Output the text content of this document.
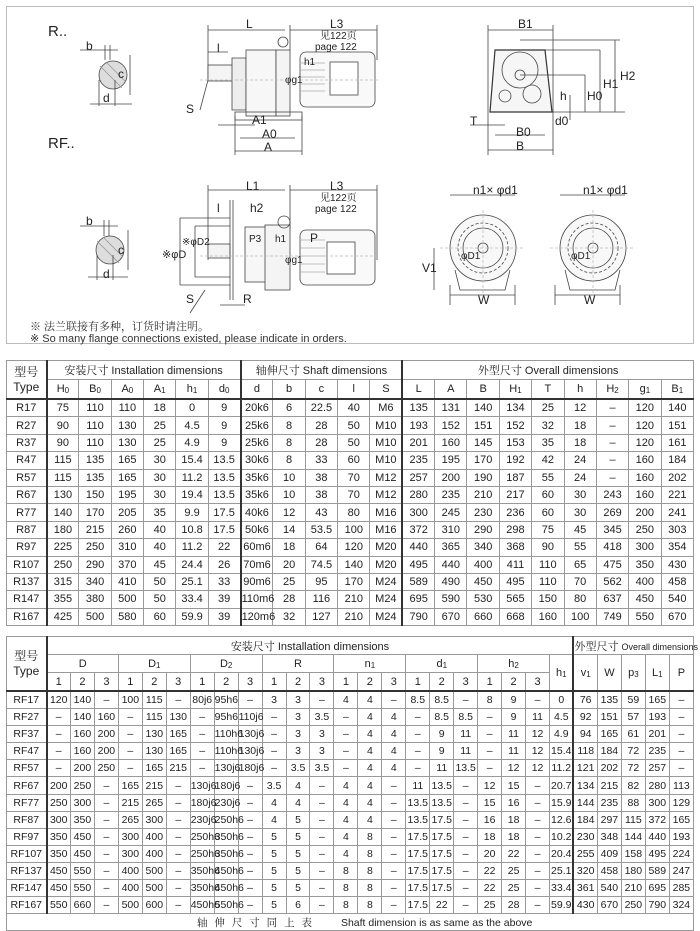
R..
RF..
b
c
d
b
c
d
L	L3
见122页
page 122
l
S
A1
A0
A
h1
φg1
B1
H2
H1
H0
h
T	d0
B0
B
L1	L3
见122页
page 122
l	h2
※φD
※φD2
S	R
P3 h1
φg1
P
n1× φd1	n1× φd1
φD1	φD1
V1
W	W
※ 法兰联接有多种，订货时请注明。
※ So many flange connections existed, please indicate in orders.
型号
Type	安装尺寸 Installation dimensions						轴伸尺寸 Shaft dimensions					外型尺寸 Overall dimensions								
	H0	B0	A0	A1	h1	d0	d	b	c	l	S	L	A	B	H1	T	h	H2	g1	B1
R17	75	110	110	18	0	9	20k6	6	22.5	40	M6	135	131	140	134	25	12	–	120	140
R27	90	110	130	25	4.5	9	25k6	8	28	50	M10	193	152	151	152	32	18	–	120	151
R37	90	110	130	25	4.9	9	25k6	8	28	50	M10	201	160	145	153	35	18	–	120	161
R47	115	135	165	30	15.4	13.5	30k6	8	33	60	M10	235	195	170	192	42	24	–	160	184
R57	115	135	165	30	11.2	13.5	35k6	10	38	70	M12	257	200	190	187	55	24	–	160	202
R67	130	150	195	30	19.4	13.5	35k6	10	38	70	M12	280	235	210	217	60	30	243	160	221
R77	140	170	205	35	9.9	17.5	40k6	12	43	80	M16	300	245	230	236	60	30	269	200	241
R87	180	215	260	40	10.8	17.5	50k6	14	53.5	100	M16	372	310	290	298	75	45	345	250	303
R97	225	250	310	40	11.2	22	60m6	18	64	120	M20	440	365	340	368	90	55	418	300	354
R107	250	290	370	45	24.4	26	70m6	20	74.5	140	M20	495	440	400	411	110	65	475	350	430
R137	315	340	410	50	25.1	33	90m6	25	95	170	M24	589	490	450	495	110	70	562	400	458
R147	355	380	500	50	33.4	39	110m6	28	116	210	M24	695	590	530	565	150	80	637	450	540
R167	425	500	580	60	59.9	39	120m6	32	127	210	M24	790	670	660	668	160	100	749	550	670
型号
Type	安装尺寸 Installation dimensions																						外型尺寸 Overall dimensions				
	D			D1			D2			R			n1			d1			h2			h1	v1	W	p3	L1	P
	1	2	3	1	2	3	1	2	3	1	2	3	1	2	3	1	2	3	1	2	3						
RF17	120	140	–	100	115	–	80j6	95h6	–	3	3	–	4	4	–	8.5	8.5	–	8	9	–	0	76	135	59	165	–
RF27	–	140	160	–	115	130	–	95h6	110j6	–	3	3.5	–	4	4	–	8.5	8.5	–	9	11	4.5	92	151	57	193	–
RF37	–	160	200	–	130	165	–	110h6	130j6	–	3	3	–	4	4	–	9	11	–	11	12	4.9	94	165	61	201	–
RF47	–	160	200	–	130	165	–	110h6	130j6	–	3	3	–	4	4	–	9	11	–	11	12	15.4	118	184	72	235	–
RF57	–	200	250	–	165	215	–	130j6	180j6	–	3.5	3.5	–	4	4	–	11	13.5	–	12	12	11.2	121	202	72	257	–
RF67	200	250	–	165	215	–	130j6	180j6	–	3.5	4	–	4	4	–	11	13.5	–	12	15	–	20.7	134	215	82	280	113
RF77	250	300	–	215	265	–	180j6	230j6	–	4	4	–	4	4	–	13.5	13.5	–	15	16	–	15.9	144	235	88	300	129
RF87	300	350	–	265	300	–	230j6	250h6	–	4	5	–	4	4	–	13.5	17.5	–	16	18	–	12.6	184	297	115	372	165
RF97	350	450	–	300	400	–	250h6	350h6	–	5	5	–	4	8	–	17.5	17.5	–	18	18	–	10.2	230	348	144	440	193
RF107	350	450	–	300	400	–	250h6	350h6	–	5	5	–	4	8	–	17.5	17.5	–	20	22	–	20.4	255	409	158	495	224
RF137	450	550	–	400	500	–	350h6	450h6	–	5	5	–	8	8	–	17.5	17.5	–	22	25	–	25.1	320	458	180	589	247
RF147	450	550	–	400	500	–	350h6	450h6	–	5	5	–	8	8	–	17.5	17.5	–	22	25	–	33.4	361	540	210	695	285
RF167	550	660	–	500	600	–	450h6	550h6	–	5	6	–	8	8	–	17.5	22	–	25	28	–	59.9	430	670	250	790	324
轴 伸 尺 寸 同 上 表 Shaft dimension is as same as the above																											
